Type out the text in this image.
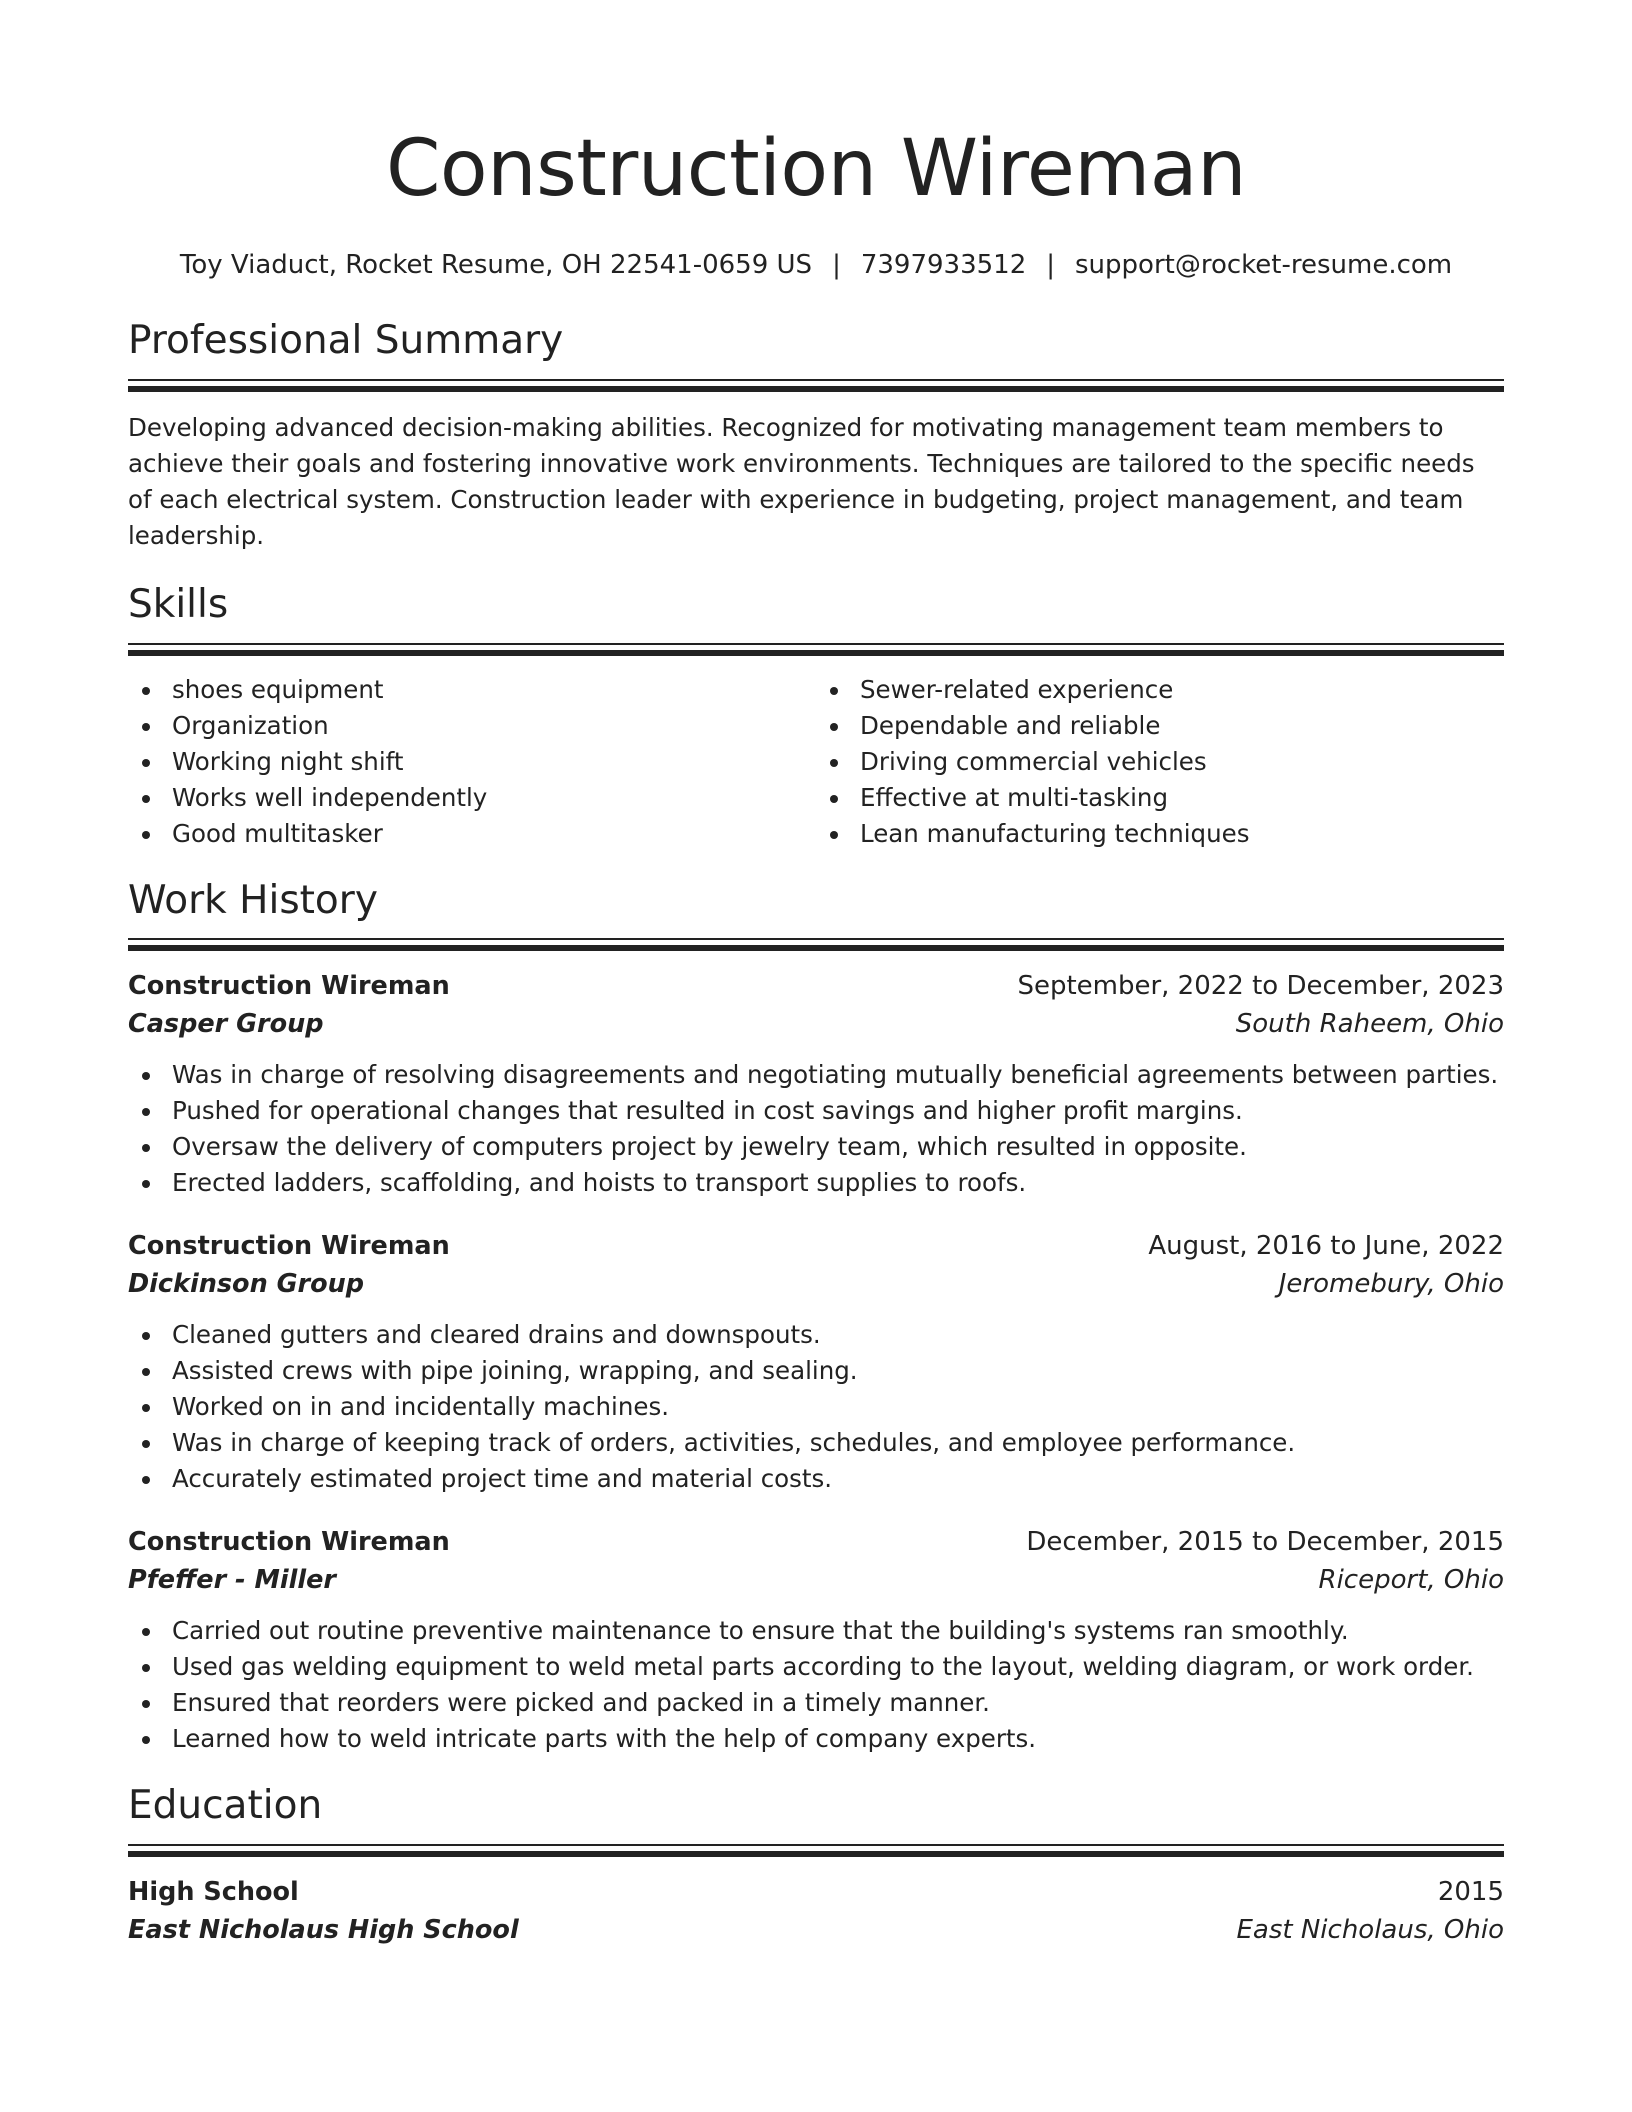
Construction Wireman
Toy Viaduct, Rocket Resume, OH 22541-0659 US | 7397933512 | support@rocket-resume.com
Professional Summary
Developing advanced decision-making abilities. Recognized for motivating management team members to achieve their goals and fostering innovative work environments. Techniques are tailored to the specific needs of each electrical system. Construction leader with experience in budgeting, project management, and team leadership.
Skills
shoes equipment
Organization
Working night shift
Works well independently
Good multitasker
Sewer-related experience
Dependable and reliable
Driving commercial vehicles
Effective at multi-tasking
Lean manufacturing techniques
Work History
Construction Wireman	September, 2022 to December, 2023
Casper Group	South Raheem, Ohio
Was in charge of resolving disagreements and negotiating mutually beneficial agreements between parties.
Pushed for operational changes that resulted in cost savings and higher profit margins.
Oversaw the delivery of computers project by jewelry team, which resulted in opposite.
Erected ladders, scaffolding, and hoists to transport supplies to roofs.
Construction Wireman	August, 2016 to June, 2022
Dickinson Group	Jeromebury, Ohio
Cleaned gutters and cleared drains and downspouts.
Assisted crews with pipe joining, wrapping, and sealing.
Worked on in and incidentally machines.
Was in charge of keeping track of orders, activities, schedules, and employee performance.
Accurately estimated project time and material costs.
Construction Wireman	December, 2015 to December, 2015
Pfeffer - Miller	Riceport, Ohio
Carried out routine preventive maintenance to ensure that the building's systems ran smoothly.
Used gas welding equipment to weld metal parts according to the layout, welding diagram, or work order.
Ensured that reorders were picked and packed in a timely manner.
Learned how to weld intricate parts with the help of company experts.
Education
High School	2015
East Nicholaus High School	East Nicholaus, Ohio
